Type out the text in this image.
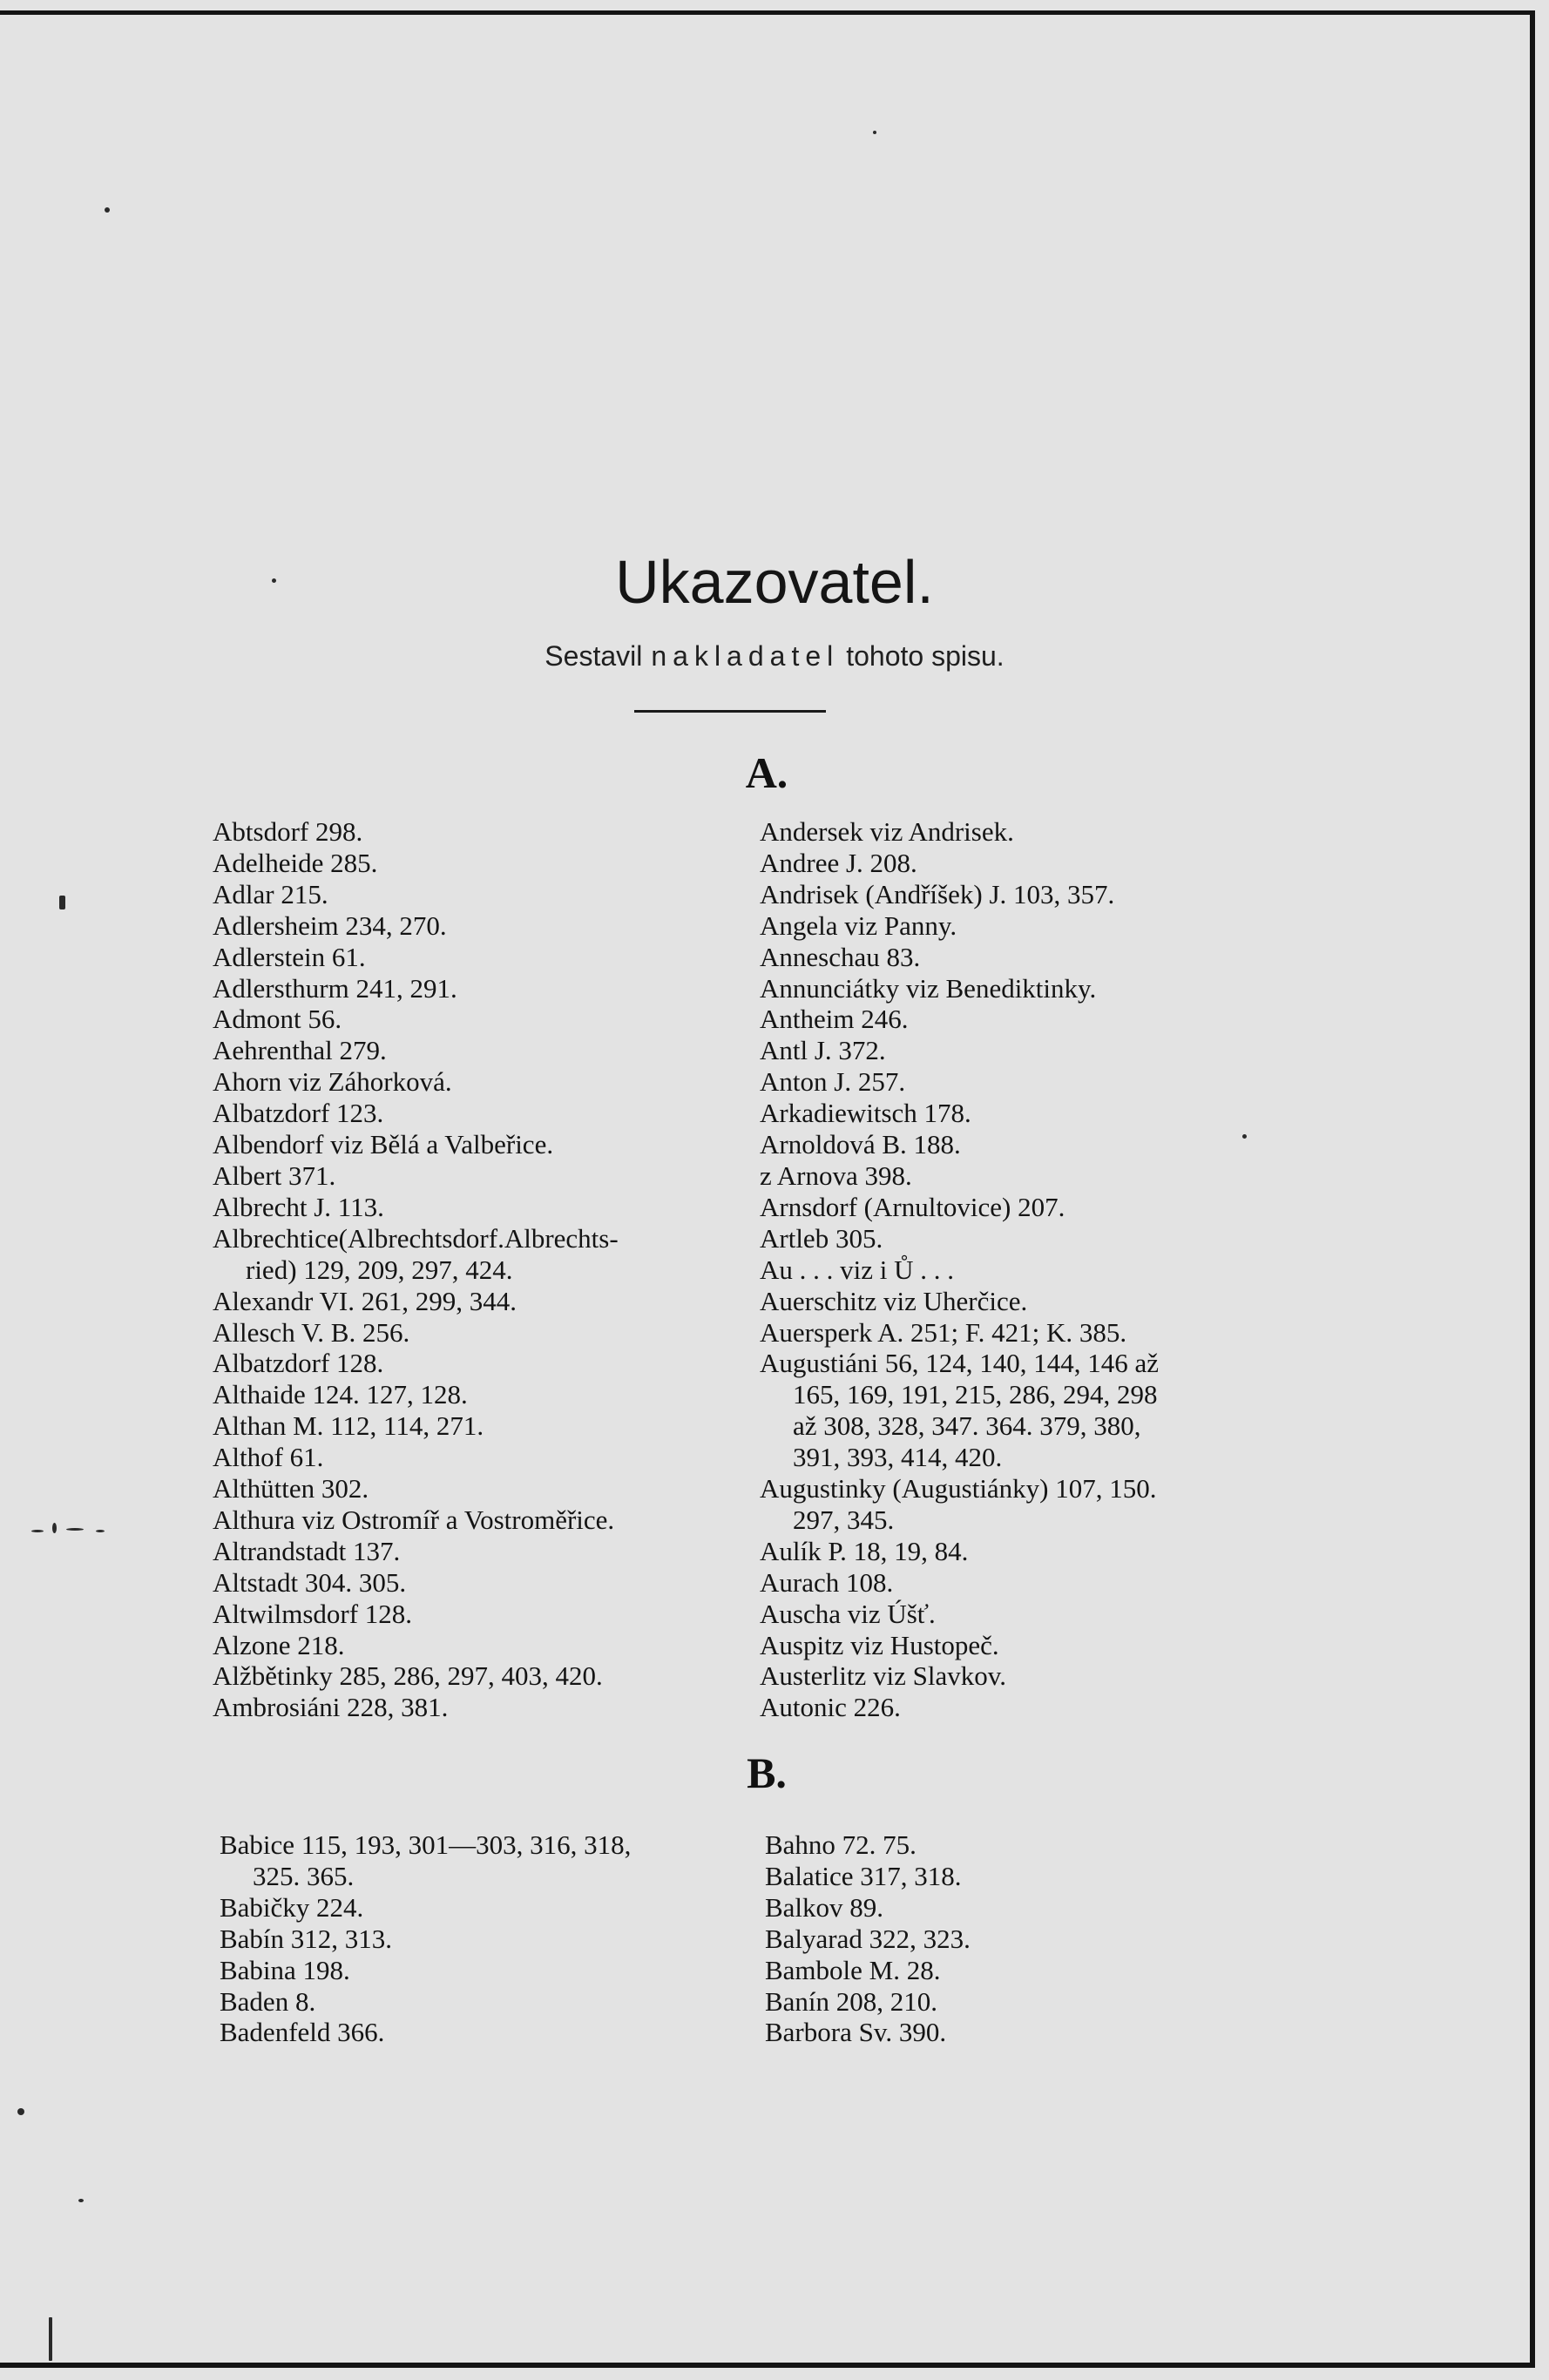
Ukazovatel.
Sestavil nakladatel tohoto spisu.
A.
Abtsdorf 298.
Adelheide 285.
Adlar 215.
Adlersheim 234, 270.
Adlerstein 61.
Adlersthurm 241, 291.
Admont 56.
Aehrenthal 279.
Ahorn viz Záhorková.
Albatzdorf 123.
Albendorf viz Bělá a Valbeřice.
Albert 371.
Albrecht J. 113.
Albrechtice(Albrechtsdorf.Albrechts-
ried) 129, 209, 297, 424.
Alexandr VI. 261, 299, 344.
Allesch V. B. 256.
Albatzdorf 128.
Althaide 124. 127, 128.
Althan M. 112, 114, 271.
Althof 61.
Althütten 302.
Althura viz Ostromíř a Vostroměřice.
Altrandstadt 137.
Altstadt 304. 305.
Altwilmsdorf 128.
Alzone 218.
Alžbětinky 285, 286, 297, 403, 420.
Ambrosiáni 228, 381.
Andersek viz Andrisek.
Andree J. 208.
Andrisek (Andříšek) J. 103, 357.
Angela viz Panny.
Anneschau 83.
Annunciátky viz Benediktinky.
Antheim 246.
Antl J. 372.
Anton J. 257.
Arkadiewitsch 178.
Arnoldová B. 188.
z Arnova 398.
Arnsdorf (Arnultovice) 207.
Artleb 305.
Au . . . viz i Ů . . .
Auerschitz viz Uherčice.
Auersperk A. 251; F. 421; K. 385.
Augustiáni 56, 124, 140, 144, 146 až
165, 169, 191, 215, 286, 294, 298
až 308, 328, 347. 364. 379, 380,
391, 393, 414, 420.
Augustinky (Augustiánky) 107, 150.
297, 345.
Aulík P. 18, 19, 84.
Aurach 108.
Auscha viz Úšť.
Auspitz viz Hustopeč.
Austerlitz viz Slavkov.
Autonic 226.
B.
Babice 115, 193, 301—303, 316, 318,
325. 365.
Babičky 224.
Babín 312, 313.
Babina 198.
Baden 8.
Badenfeld 366.
Bahno 72. 75.
Balatice 317, 318.
Balkov 89.
Balyarad 322, 323.
Bambole M. 28.
Banín 208, 210.
Barbora Sv. 390.
